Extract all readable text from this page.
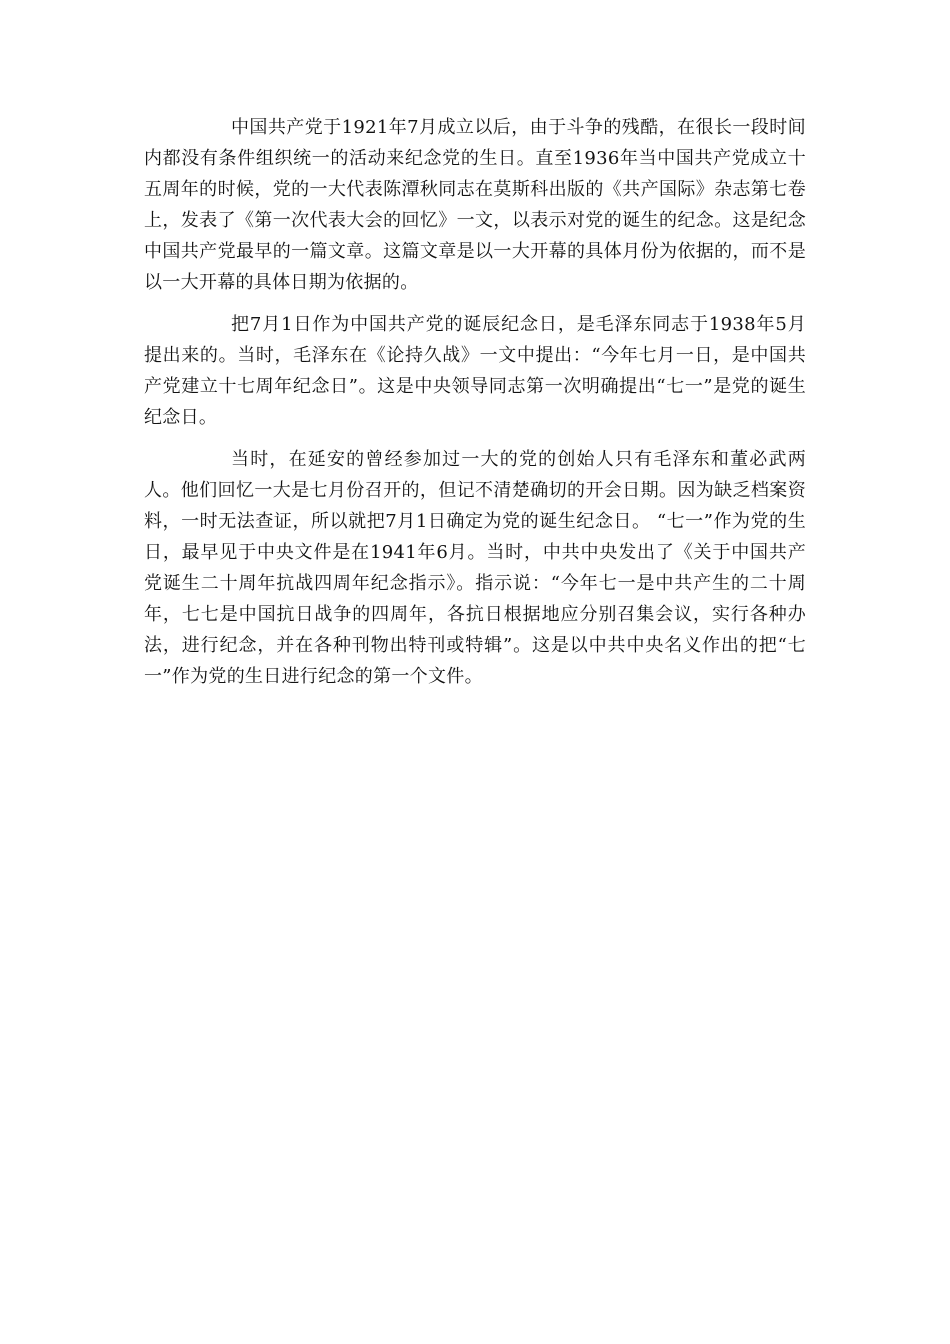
中国共产党于1921年7月成立以后，由于斗争的残酷，在很长一段时间内都没有条件组织统一的活动来纪念党的生日。直至1936年当中国共产党成立十五周年的时候，党的一大代表陈潭秋同志在莫斯科出版的《共产国际》杂志第七卷上，发表了《第一次代表大会的回忆》一文，以表示对党的诞生的纪念。这是纪念中国共产党最早的一篇文章。这篇文章是以一大开幕的具体月份为依据的，而不是以一大开幕的具体日期为依据的。

把7月1日作为中国共产党的诞辰纪念日，是毛泽东同志于1938年5月提出来的。当时，毛泽东在《论持久战》一文中提出：“今年七月一日，是中国共产党建立十七周年纪念日”。这是中央领导同志第一次明确提出“七一”是党的诞生纪念日。

当时，在延安的曾经参加过一大的党的创始人只有毛泽东和董必武两人。他们回忆一大是七月份召开的，但记不清楚确切的开会日期。因为缺乏档案资料，一时无法查证，所以就把7月1日确定为党的诞生纪念日。 “七一”作为党的生日，最早见于中央文件是在1941年6月。当时，中共中央发出了《关于中国共产党诞生二十周年抗战四周年纪念指示》。指示说：“今年七一是中共产生的二十周年，七七是中国抗日战争的四周年，各抗日根据地应分别召集会议，实行各种办法，进行纪念，并在各种刊物出特刊或特辑”。这是以中共中央名义作出的把“七一”作为党的生日进行纪念的第一个文件。
